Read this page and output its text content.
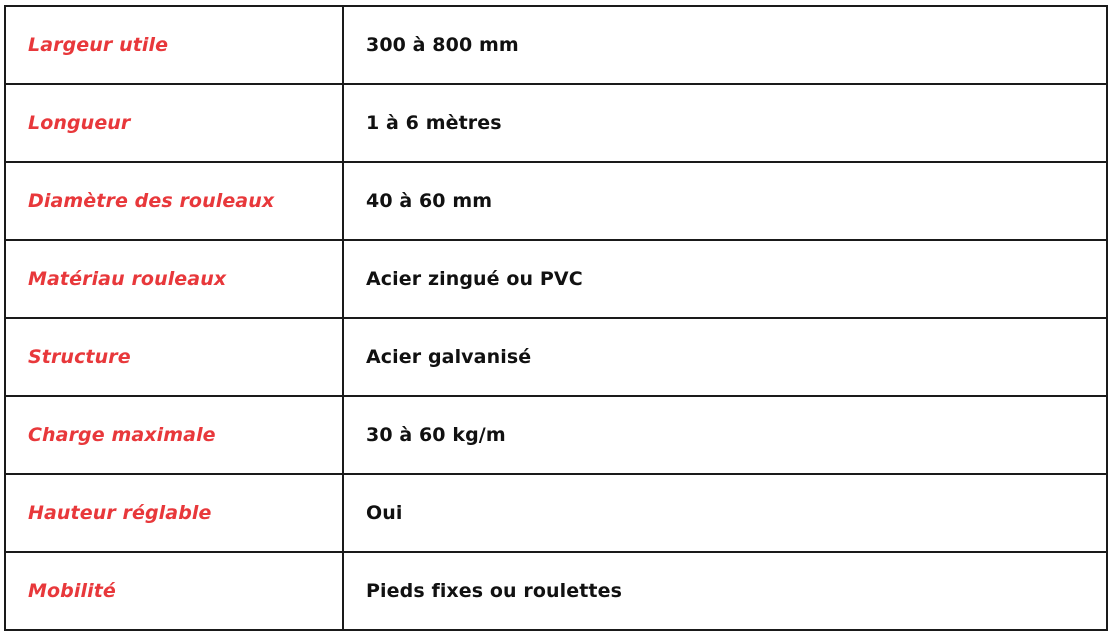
Largeur utile	300 à 800 mm
Longueur	1 à 6 mètres
Diamètre des rouleaux	40 à 60 mm
Matériau rouleaux	Acier zingué ou PVC
Structure	Acier galvanisé
Charge maximale	30 à 60 kg/m
Hauteur réglable	Oui
Mobilité	Pieds fixes ou roulettes
